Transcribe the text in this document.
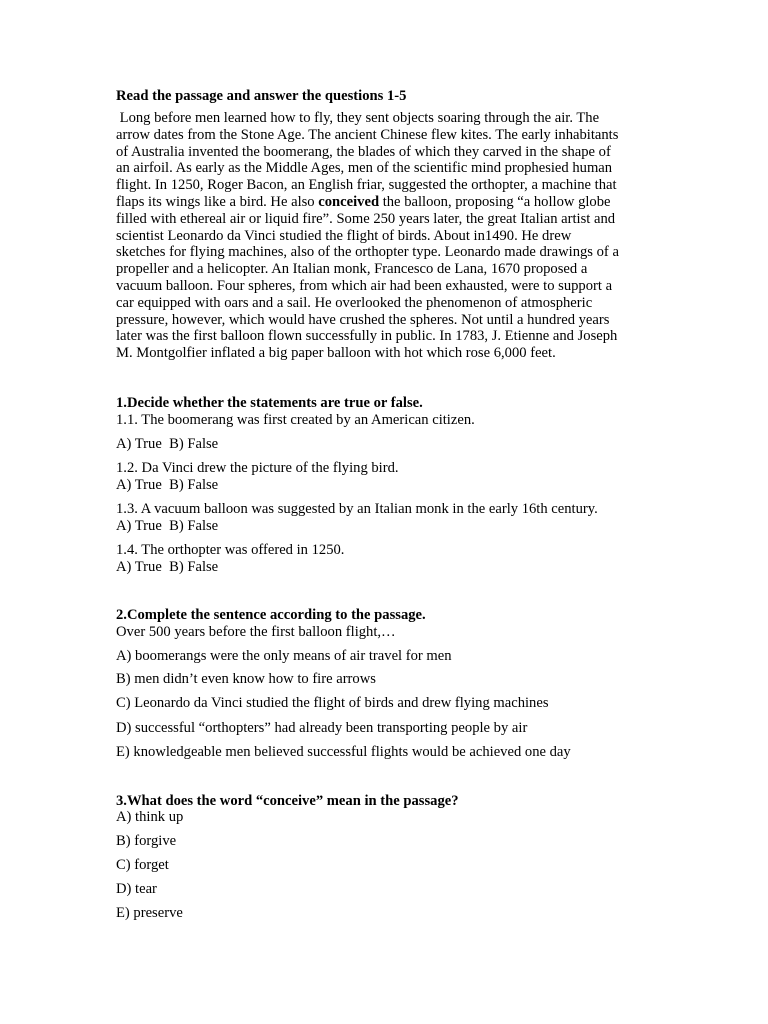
Read the passage and answer the questions 1-5
Long before men learned how to fly, they sent objects soaring through the air. The
arrow dates from the Stone Age. The ancient Chinese flew kites. The early inhabitants
of Australia invented the boomerang, the blades of which they carved in the shape of
an airfoil. As early as the Middle Ages, men of the scientific mind prophesied human
flight. In 1250, Roger Bacon, an English friar, suggested the orthopter, a machine that
flaps its wings like a bird. He also conceived the balloon, proposing “a hollow globe
filled with ethereal air or liquid fire”. Some 250 years later, the great Italian artist and
scientist Leonardo da Vinci studied the flight of birds. About in1490. He drew
sketches for flying machines, also of the orthopter type. Leonardo made drawings of a
propeller and a helicopter. An Italian monk, Francesco de Lana, 1670 proposed a
vacuum balloon. Four spheres, from which air had been exhausted, were to support a
car equipped with oars and a sail. He overlooked the phenomenon of atmospheric
pressure, however, which would have crushed the spheres. Not until a hundred years
later was the first balloon flown successfully in public. In 1783, J. Etienne and Joseph
M. Montgolfier inflated a big paper balloon with hot which rose 6,000 feet.
1.Decide whether the statements are true or false.
1.1. The boomerang was first created by an American citizen.
A) True  B) False
1.2. Da Vinci drew the picture of the flying bird.
A) True  B) False
1.3. A vacuum balloon was suggested by an Italian monk in the early 16th century.
A) True  B) False
1.4. The orthopter was offered in 1250.
A) True  B) False
2.Complete the sentence according to the passage.
Over 500 years before the first balloon flight,…
A) boomerangs were the only means of air travel for men
B) men didn’t even know how to fire arrows
C) Leonardo da Vinci studied the flight of birds and drew flying machines
D) successful “orthopters” had already been transporting people by air
E) knowledgeable men believed successful flights would be achieved one day
3.What does the word “conceive” mean in the passage?
A) think up
B) forgive
C) forget
D) tear
E) preserve
